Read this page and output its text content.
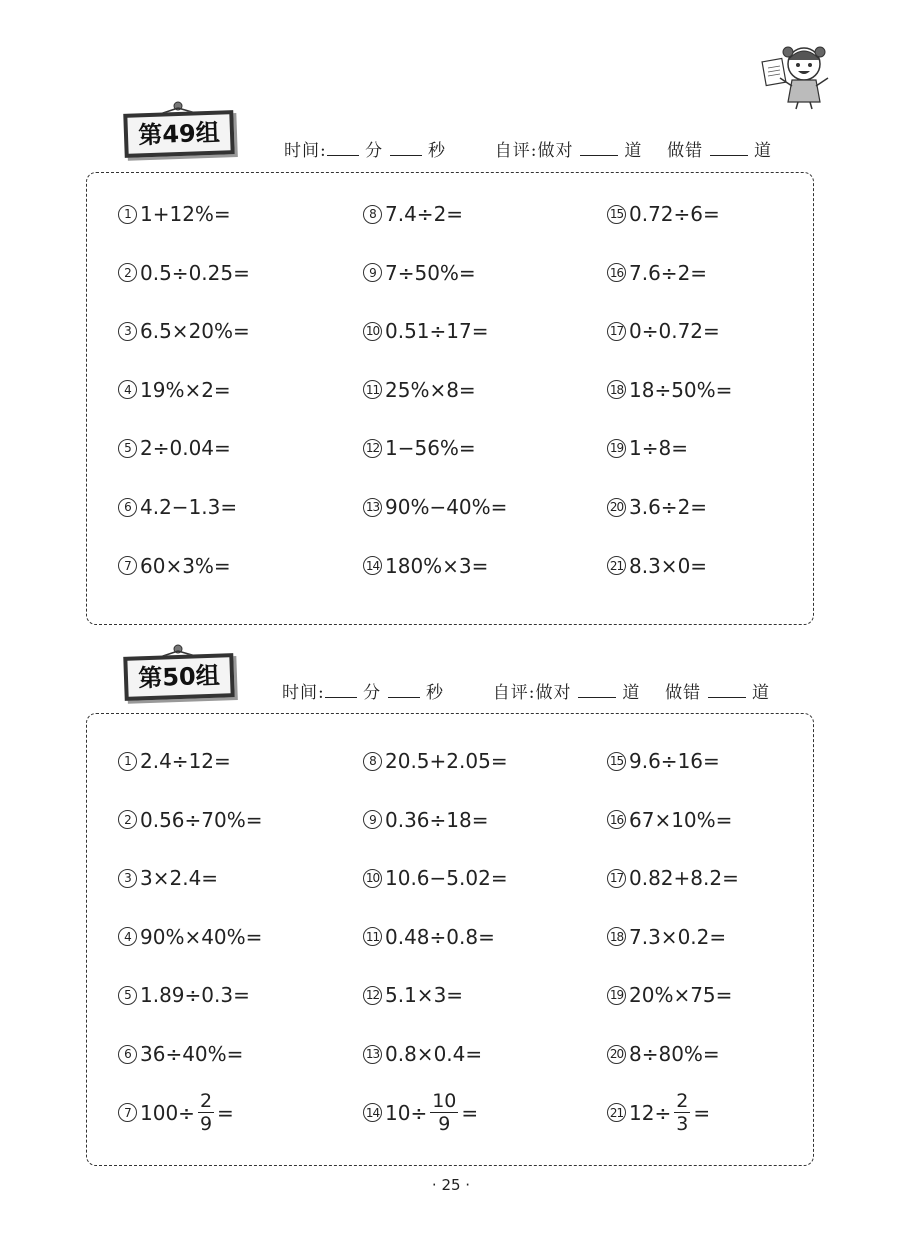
第49组
时间: 分	秒	自评:做对	道 做错	道
1 1+12%=
2 0.5÷0.25=
3 6.5×20%=
4 19%×2=
5 2÷0.04=
6 4.2−1.3=
7 60×3%=
8 7.4÷2=
9 7÷50%=
10 0.51÷17=
11 25%×8=
12 1−56%=
13 90%−40%=
14 180%×3=
15 0.72÷6=
16 7.6÷2=
17 0÷0.72=
18 18÷50%=
19 1÷8=
20 3.6÷2=
21 8.3×0=
第50组
时间: 分	秒	自评:做对	道 做错	道
1 2.4÷12=
2 0.56÷70%=
3 3×2.4=
4 90%×40%=
5 1.89÷0.3=
6 36÷40%=
7 $100\div \frac{2}{9}$ =
8 20.5+2.05=
9 0.36÷18=
10 10.6−5.02=
11 0.48÷0.8=
12 5.1×3=
13 0.8×0.4=
14 $10\div \frac{10}{9}$ =
15 9.6÷16=
16 67×10%=
17 0.82+8.2=
18 7.3×0.2=
19 20%×75=
20 8÷80%=
21 $12\div \frac{2}{3}$ =
· 25 ·
